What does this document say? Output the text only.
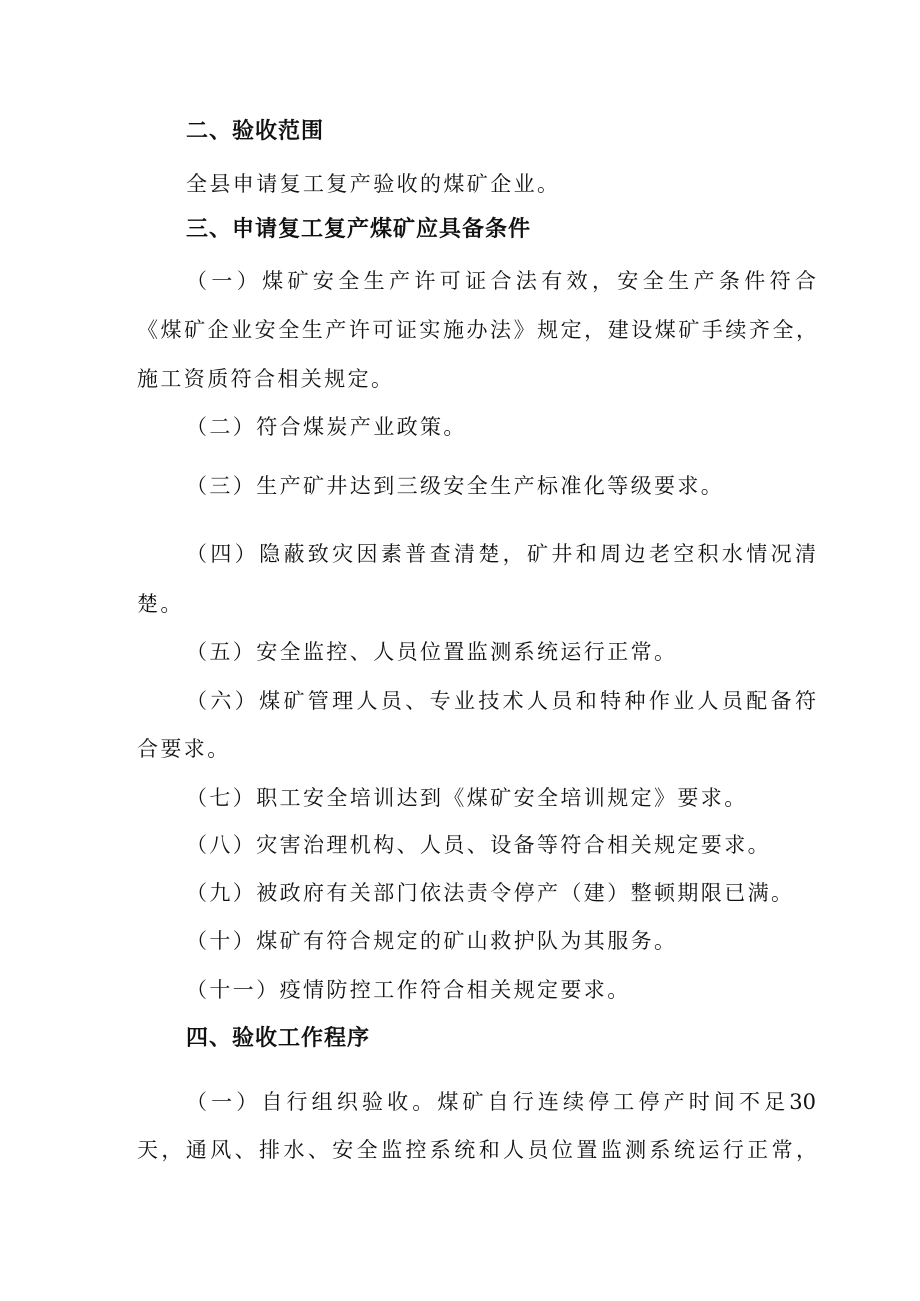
二、验收范围
全县申请复工复产验收的煤矿企业。
三、申请复工复产煤矿应具备条件
（一）煤矿安全生产许可证合法有效，安全生产条件符合
《煤矿企业安全生产许可证实施办法》规定，建设煤矿手续齐全，
施工资质符合相关规定。
（二）符合煤炭产业政策。
（三）生产矿井达到三级安全生产标准化等级要求。
（四）隐蔽致灾因素普查清楚，矿井和周边老空积水情况清
楚。
（五）安全监控、人员位置监测系统运行正常。
（六）煤矿管理人员、专业技术人员和特种作业人员配备符
合要求。
（七）职工安全培训达到《煤矿安全培训规定》要求。
（八）灾害治理机构、人员、设备等符合相关规定要求。
（九）被政府有关部门依法责令停产（建）整顿期限已满。
（十）煤矿有符合规定的矿山救护队为其服务。
（十一）疫情防控工作符合相关规定要求。
四、验收工作程序
（一）自行组织验收。煤矿自行连续停工停产时间不足30
天，通风、排水、安全监控系统和人员位置监测系统运行正常，
